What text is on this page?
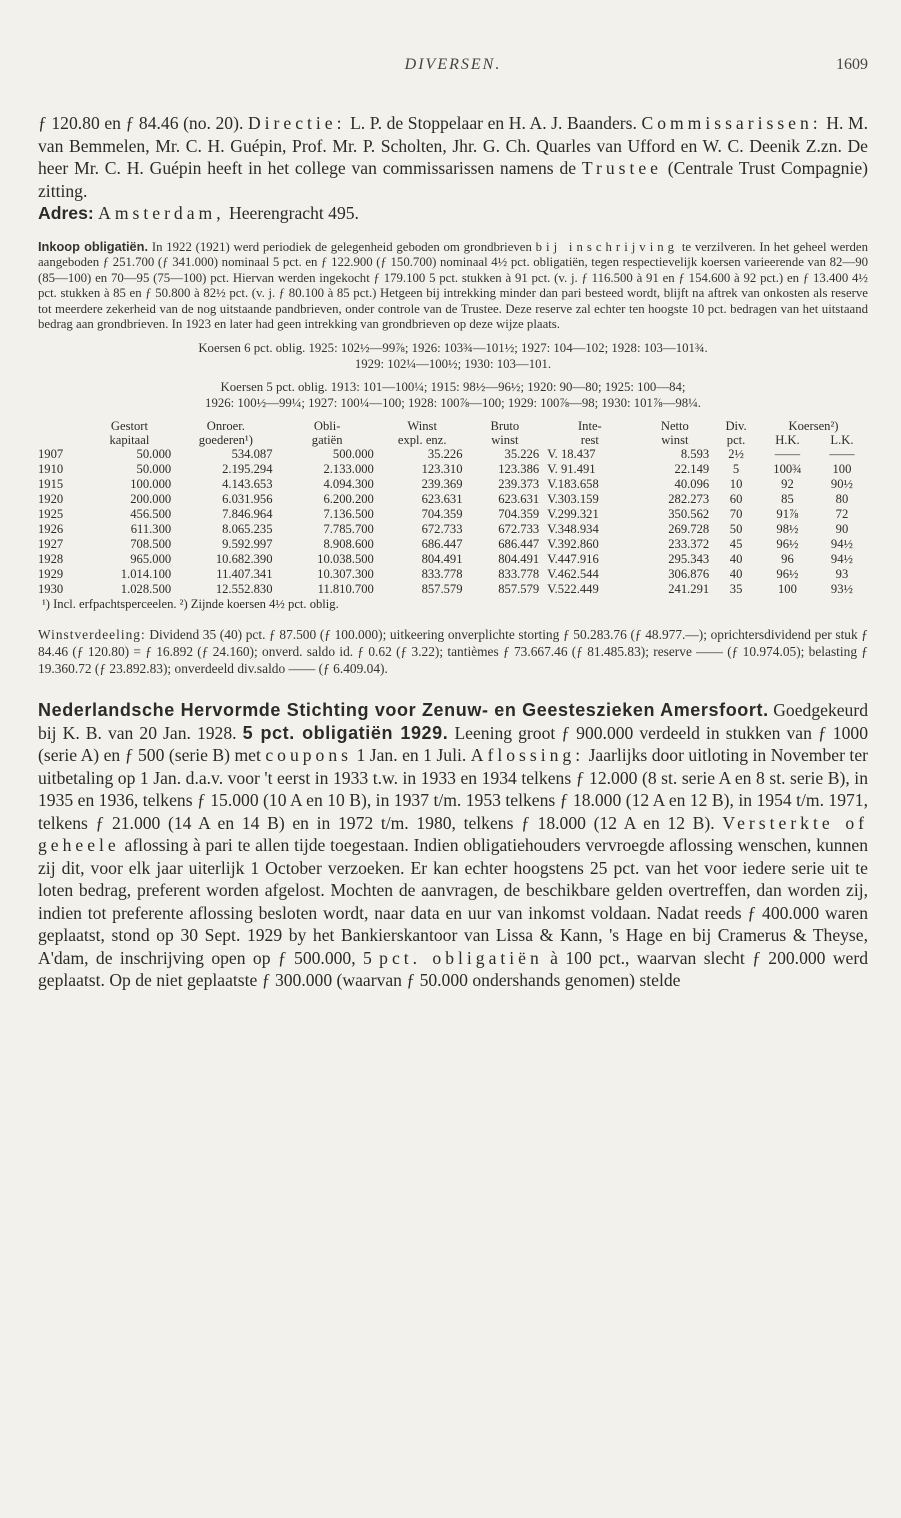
DIVERSEN.	1609

ƒ 120.80 en ƒ 84.46 (no. 20). Directie: L. P. de Stoppelaar en H. A. J. Baanders. Commissarissen: H. M. van Bemmelen, Mr. C. H. Guépin, Prof. Mr. P. Scholten, Jhr. G. Ch. Quarles van Ufford en W. C. Deenik Z.zn. De heer Mr. C. H. Guépin heeft in het college van commissarissen namens de Trustee (Centrale Trust Compagnie) zitting.

Adres: Amsterdam, Heerengracht 495.

Inkoop obligatiën. In 1922 (1921) werd periodiek de gelegenheid geboden om grondbrieven bij inschrijving te verzilveren. In het geheel werden aangeboden ƒ 251.700 (ƒ 341.000) nominaal 5 pct. en ƒ 122.900 (ƒ 150.700) nominaal 4½ pct. obligatiën, tegen respectievelijk koersen varieerende van 82—90 (85—100) en 70—95 (75—100) pct. Hiervan werden ingekocht ƒ 179.100 5 pct. stukken à 91 pct. (v. j. ƒ 116.500 à 91 en ƒ 154.600 à 92 pct.) en ƒ 13.400 4½ pct. stukken à 85 en ƒ 50.800 à 82½ pct. (v. j. ƒ 80.100 à 85 pct.) Hetgeen bij intrekking minder dan pari besteed wordt, blijft na aftrek van onkosten als reserve tot meerdere zekerheid van de nog uitstaande pandbrieven, onder controle van de Trustee. Deze reserve zal echter ten hoogste 10 pct. bedragen van het uitstaand bedrag aan grondbrieven. In 1923 en later had geen intrekking van grondbrieven op deze wijze plaats.

Koersen 6 pct. oblig. 1925: 102½—99⅞; 1926: 103¾—101½; 1927: 104—102; 1928: 103—101¾.

1929: 102¼—100½; 1930: 103—101.

Koersen 5 pct. oblig. 1913: 101—100¼; 1915: 98½—96½; 1920: 90—80; 1925: 100—84;

1926: 100½—99¼; 1927: 100¼—100; 1928: 100⅞—100; 1929: 100⅞—98; 1930: 101⅞—98¼.

	Gestort	Onroer.	Obli-	Winst	Bruto	Inte-	Netto	Div.	Koersen²)	
	kapitaal	goederen¹)	gatiën	expl. enz.	winst	rest	winst	pct.	H.K.	L.K.
1907	50.000	534.087	500.000	35.226	35.226	V. 18.437	8.593	2½	——	——
1910	50.000	2.195.294	2.133.000	123.310	123.386	V. 91.491	22.149	5	100¾	100
1915	100.000	4.143.653	4.094.300	239.369	239.373	V.183.658	40.096	10	92	90½
1920	200.000	6.031.956	6.200.200	623.631	623.631	V.303.159	282.273	60	85	80
1925	456.500	7.846.964	7.136.500	704.359	704.359	V.299.321	350.562	70	91⅞	72
1926	611.300	8.065.235	7.785.700	672.733	672.733	V.348.934	269.728	50	98½	90
1927	708.500	9.592.997	8.908.600	686.447	686.447	V.392.860	233.372	45	96½	94½
1928	965.000	10.682.390	10.038.500	804.491	804.491	V.447.916	295.343	40	96	94½
1929	1.014.100	11.407.341	10.307.300	833.778	833.778	V.462.544	306.876	40	96½	93
1930	1.028.500	12.552.830	11.810.700	857.579	857.579	V.522.449	241.291	35	100	93½

¹) Incl. erfpachtsperceelen. ²) Zijnde koersen 4½ pct. oblig.

Winstverdeeling: Dividend 35 (40) pct. ƒ 87.500 (ƒ 100.000); uitkeering onverplichte storting ƒ 50.283.76 (ƒ 48.977.—); oprichtersdividend per stuk ƒ 84.46 (ƒ 120.80) = ƒ 16.892 (ƒ 24.160); onverd. saldo id. ƒ 0.62 (ƒ 3.22); tantièmes ƒ 73.667.46 (ƒ 81.485.83); reserve —— (ƒ 10.974.05); belasting ƒ 19.360.72 (ƒ 23.892.83); onverdeeld div.saldo —— (ƒ 6.409.04).

Nederlandsche Hervormde Stichting voor Zenuw- en Geesteszieken Amersfoort. Goedgekeurd bij K. B. van 20 Jan. 1928. 5 pct. obligatiën 1929. Leening groot ƒ 900.000 verdeeld in stukken van ƒ 1000 (serie A) en ƒ 500 (serie B) met coupons 1 Jan. en 1 Juli. Aflossing: Jaarlijks door uitloting in November ter uitbetaling op 1 Jan. d.a.v. voor 't eerst in 1933 t.w. in 1933 en 1934 telkens ƒ 12.000 (8 st. serie A en 8 st. serie B), in 1935 en 1936, telkens ƒ 15.000 (10 A en 10 B), in 1937 t/m. 1953 telkens ƒ 18.000 (12 A en 12 B), in 1954 t/m. 1971, telkens ƒ 21.000 (14 A en 14 B) en in 1972 t/m. 1980, telkens ƒ 18.000 (12 A en 12 B). Versterkte of geheele aflossing à pari te allen tijde toegestaan. Indien obligatiehouders vervroegde aflossing wenschen, kunnen zij dit, voor elk jaar uiterlijk 1 October verzoeken. Er kan echter hoogstens 25 pct. van het voor iedere serie uit te loten bedrag, preferent worden afgelost. Mochten de aanvragen, de beschikbare gelden overtreffen, dan worden zij, indien tot preferente aflossing besloten wordt, naar data en uur van inkomst voldaan. Nadat reeds ƒ 400.000 waren geplaatst, stond op 30 Sept. 1929 by het Bankierskantoor van Lissa & Kann, 's Hage en bij Cramerus & Theyse, A'dam, de inschrijving open op ƒ 500.000, 5 pct. obligatiën à 100 pct., waarvan slecht ƒ 200.000 werd geplaatst. Op de niet geplaatste ƒ 300.000 (waarvan ƒ 50.000 ondershands genomen) stelde
